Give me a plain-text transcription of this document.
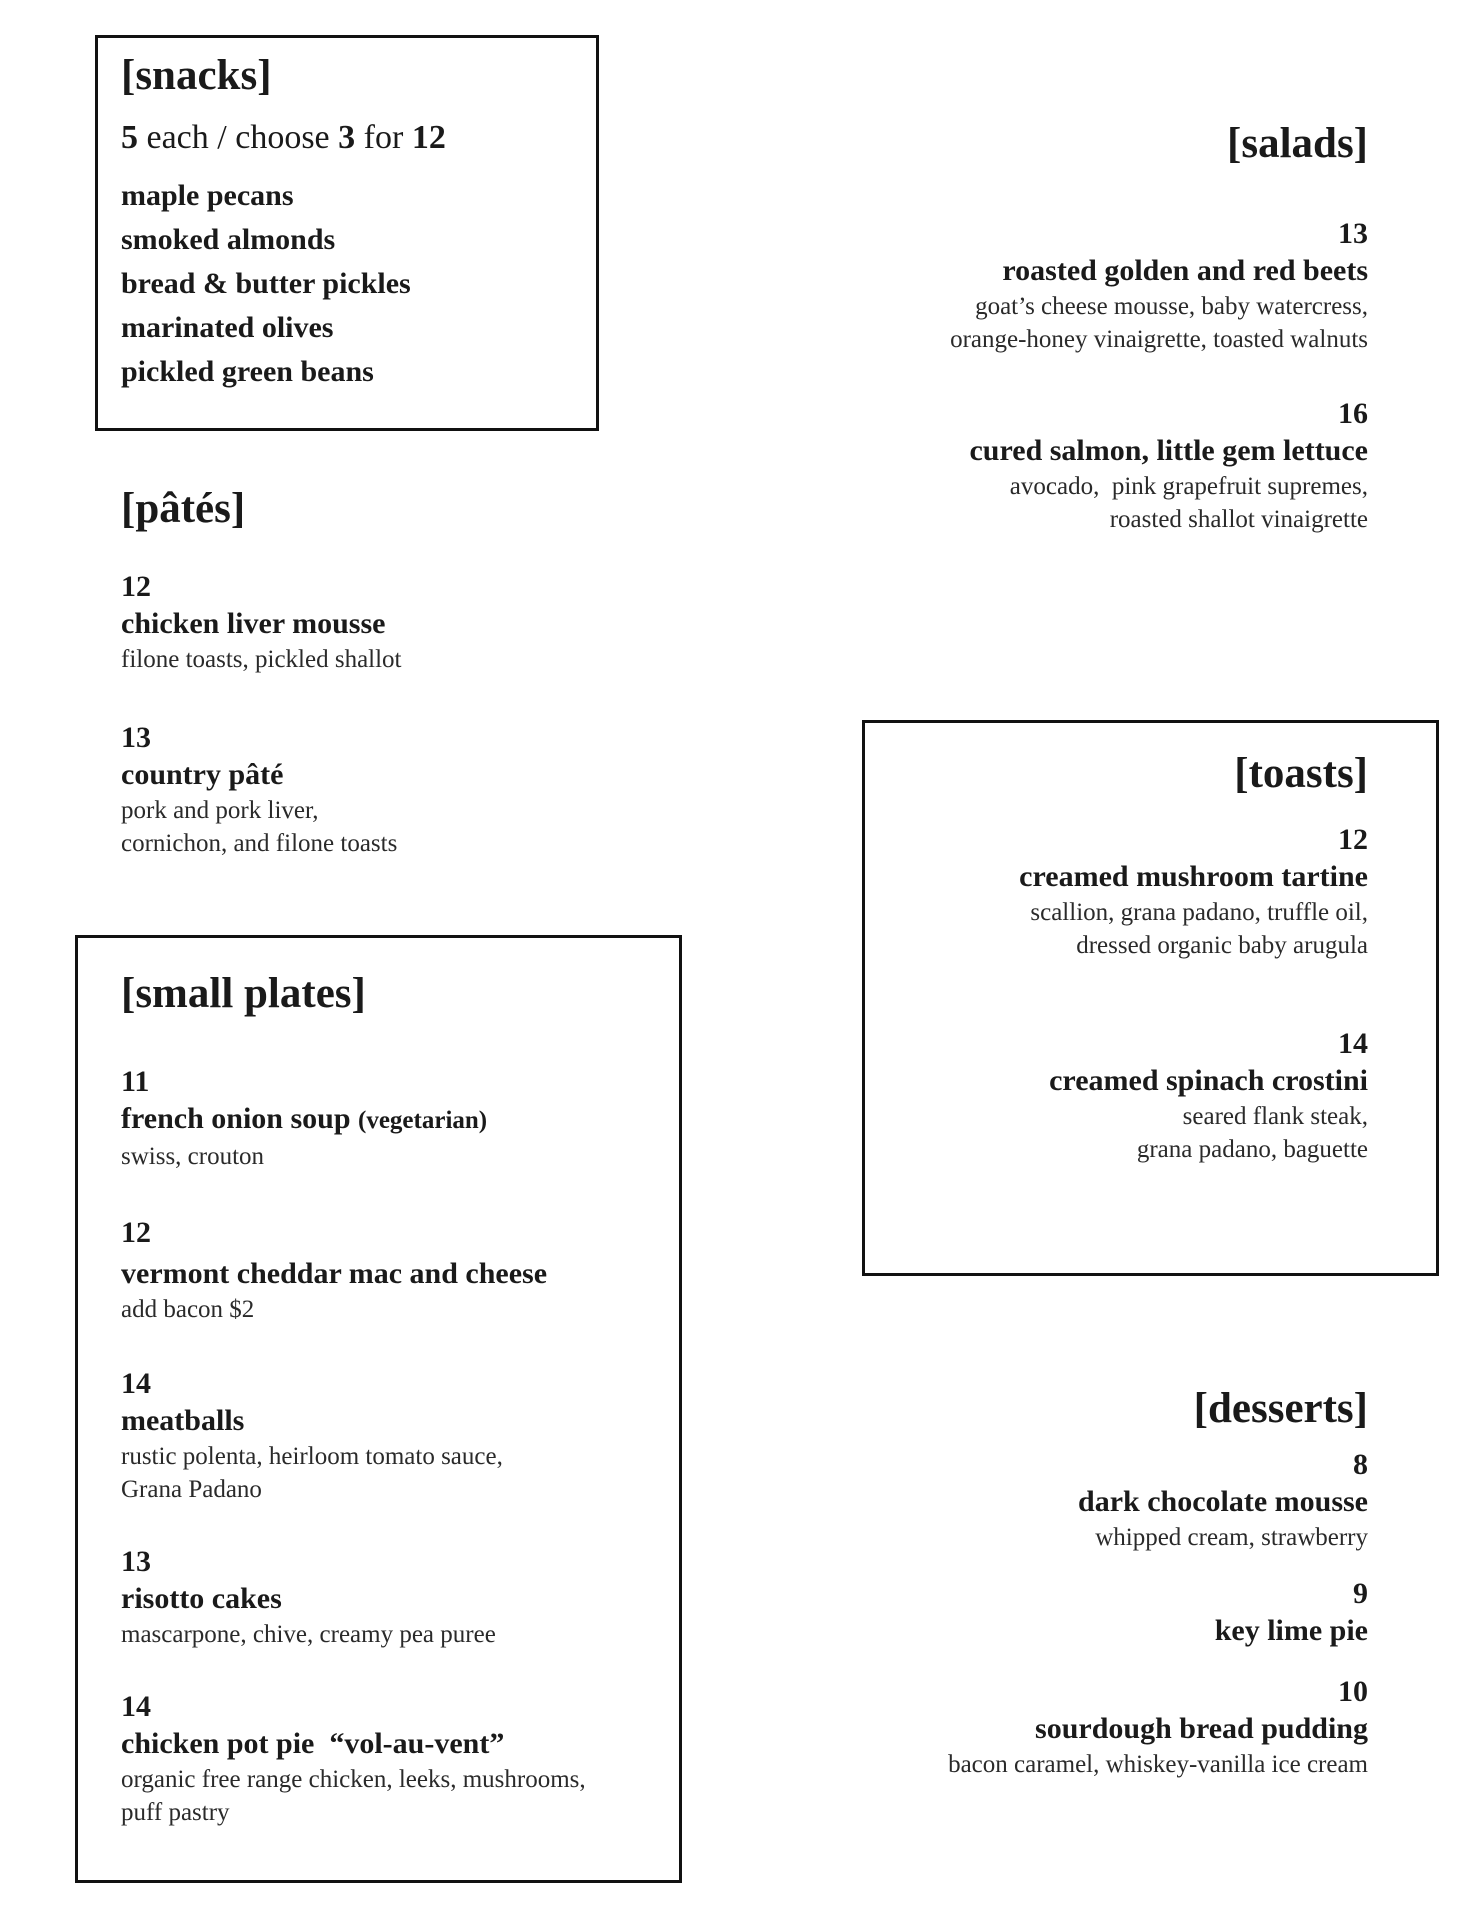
[snacks]
5 each / choose 3 for 12
maple pecans
smoked almonds
bread & butter pickles
marinated olives
pickled green beans
[pâtés]
12
chicken liver mousse
filone toasts, pickled shallot
13
country pâté
pork and pork liver,
cornichon, and filone toasts
[small plates]
11
french onion soup (vegetarian)
swiss, crouton
12
vermont cheddar mac and cheese
add bacon $2
14
meatballs
rustic polenta, heirloom tomato sauce,
Grana Padano
13
risotto cakes
mascarpone, chive, creamy pea puree
14
chicken pot pie  “vol-au-vent”
organic free range chicken, leeks, mushrooms,
puff pastry
[salads]
13
roasted golden and red beets
goat’s cheese mousse, baby watercress,
orange-honey vinaigrette, toasted walnuts
16
cured salmon, little gem lettuce
avocado,  pink grapefruit supremes,
roasted shallot vinaigrette
[toasts]
12
creamed mushroom tartine
scallion, grana padano, truffle oil,
dressed organic baby arugula
14
creamed spinach crostini
seared flank steak,
grana padano, baguette
[desserts]
8
dark chocolate mousse
whipped cream, strawberry
9
key lime pie
10
sourdough bread pudding
bacon caramel, whiskey-vanilla ice cream
